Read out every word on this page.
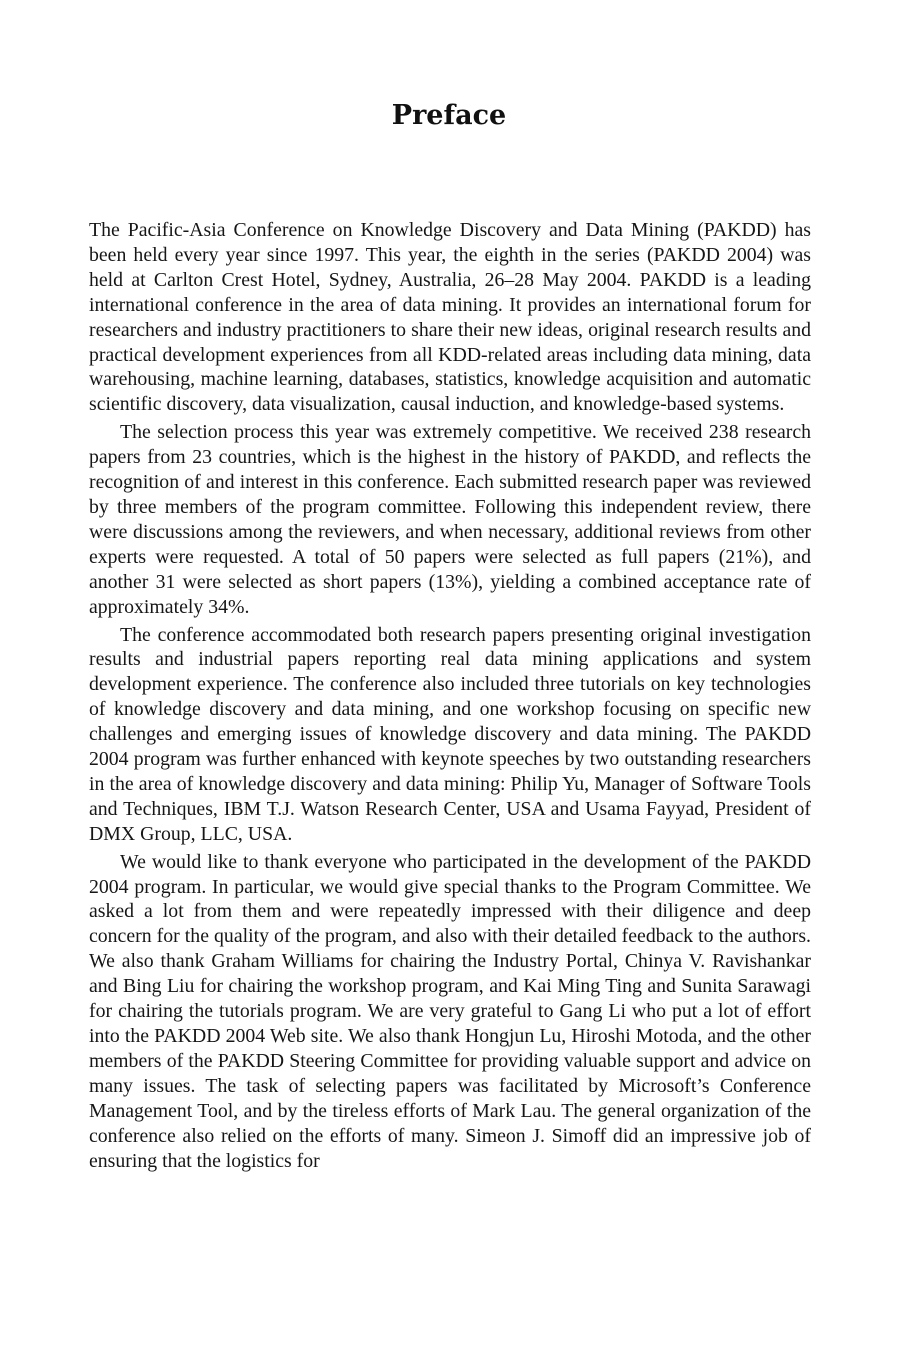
Preface

The Pacific-Asia Conference on Knowledge Discovery and Data Mining (PAKDD) has been held every year since 1997. This year, the eighth in the series (PAKDD 2004) was held at Carlton Crest Hotel, Sydney, Australia, 26–28 May 2004. PAKDD is a leading international conference in the area of data mining. It provides an international forum for researchers and industry practitioners to share their new ideas, original research results and practical development experiences from all KDD-related areas including data mining, data warehousing, machine learning, databases, statistics, knowledge acquisition and automatic scientific discovery, data visualization, causal induction, and knowledge-based systems.

The selection process this year was extremely competitive. We received 238 research papers from 23 countries, which is the highest in the history of PAKDD, and reflects the recognition of and interest in this conference. Each submitted research paper was reviewed by three members of the program committee. Following this independent review, there were discussions among the reviewers, and when necessary, additional reviews from other experts were requested. A total of 50 papers were selected as full papers (21%), and another 31 were selected as short papers (13%), yielding a combined acceptance rate of approximately 34%.

The conference accommodated both research papers presenting original investigation results and industrial papers reporting real data mining applications and system development experience. The conference also included three tutorials on key technologies of knowledge discovery and data mining, and one workshop focusing on specific new challenges and emerging issues of knowledge discovery and data mining. The PAKDD 2004 program was further enhanced with keynote speeches by two outstanding researchers in the area of knowledge discovery and data mining: Philip Yu, Manager of Software Tools and Techniques, IBM T.J. Watson Research Center, USA and Usama Fayyad, President of DMX Group, LLC, USA.

We would like to thank everyone who participated in the development of the PAKDD 2004 program. In particular, we would give special thanks to the Program Committee. We asked a lot from them and were repeatedly impressed with their diligence and deep concern for the quality of the program, and also with their detailed feedback to the authors. We also thank Graham Williams for chairing the Industry Portal, Chinya V. Ravishankar and Bing Liu for chairing the workshop program, and Kai Ming Ting and Sunita Sarawagi for chairing the tutorials program. We are very grateful to Gang Li who put a lot of effort into the PAKDD 2004 Web site. We also thank Hongjun Lu, Hiroshi Motoda, and the other members of the PAKDD Steering Committee for providing valuable support and advice on many issues. The task of selecting papers was facilitated by Microsoft’s Conference Management Tool, and by the tireless efforts of Mark Lau. The general organization of the conference also relied on the efforts of many. Simeon J. Simoff did an impressive job of ensuring that the logistics for
